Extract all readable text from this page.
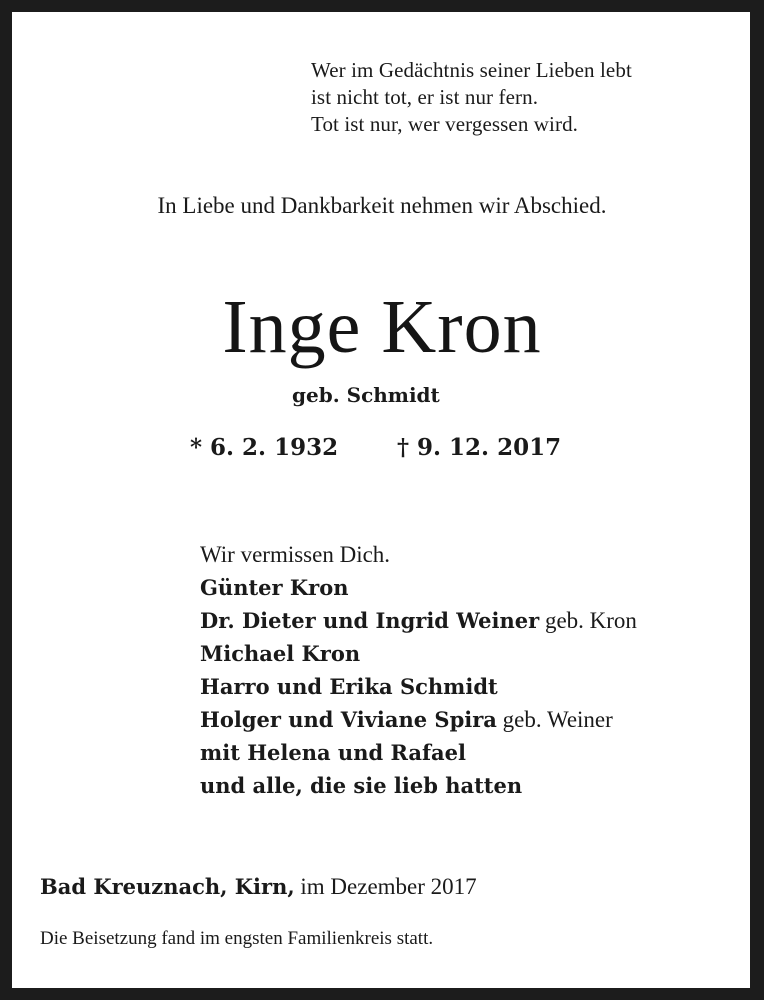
Wer im Gedächtnis seiner Lieben lebt
ist nicht tot, er ist nur fern.
Tot ist nur, wer vergessen wird.
In Liebe und Dankbarkeit nehmen wir Abschied.
Inge Kron
geb. Schmidt
* 6. 2. 1932	† 9. 12. 2017
Wir vermissen Dich.
Günter Kron
Dr. Dieter und Ingrid Weiner geb. Kron
Michael Kron
Harro und Erika Schmidt
Holger und Viviane Spira geb. Weiner
mit Helena und Rafael
und alle, die sie lieb hatten
Bad Kreuznach, Kirn, im Dezember 2017
Die Beisetzung fand im engsten Familienkreis statt.
